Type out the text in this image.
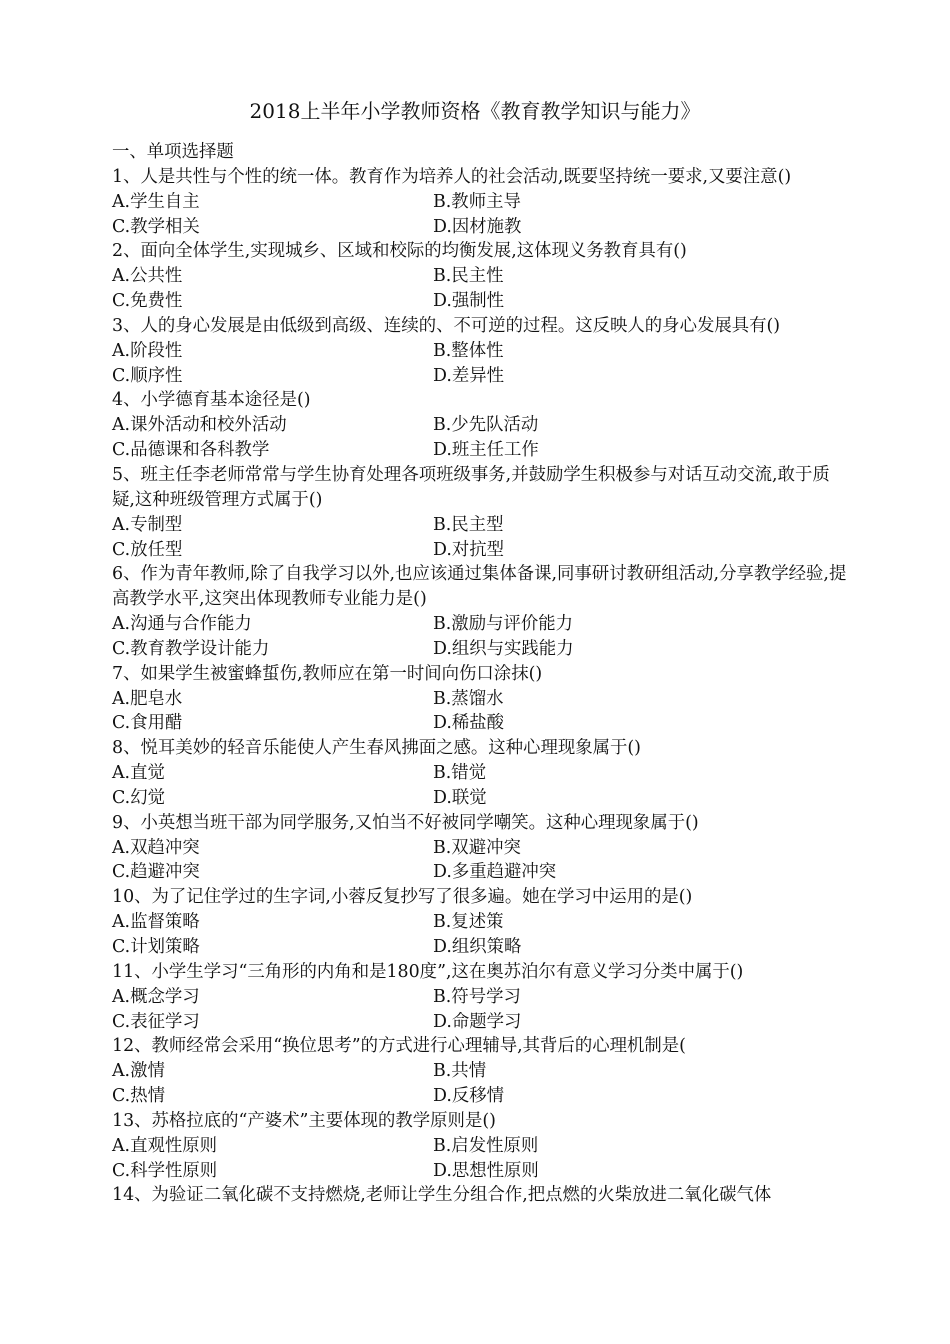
2018上半年小学教师资格《教育教学知识与能力》
一、单项选择题
1、人是共性与个性的统一体。教育作为培养人的社会活动,既要坚持统一要求,又要注意()
A.学生自主	B.教师主导
C.教学相关	D.因材施教
2、面向全体学生,实现城乡、区域和校际的均衡发展,这体现义务教育具有()
A.公共性	B.民主性
C.免费性	D.强制性
3、人的身心发展是由低级到高级、连续的、不可逆的过程。这反映人的身心发展具有()
A.阶段性	B.整体性
C.顺序性	D.差异性
4、小学德育基本途径是()
A.课外活动和校外活动	B.少先队活动
C.品德课和各科教学	D.班主任工作
5、班主任李老师常常与学生协育处理各项班级事务,并鼓励学生积极参与对话互动交流,敢于质疑,这种班级管理方式属于()
A.专制型	B.民主型
C.放任型	D.对抗型
6、作为青年教师,除了自我学习以外,也应该通过集体备课,同事研讨教研组活动,分享教学经验,提高教学水平,这突出体现教师专业能力是()
A.沟通与合作能力	B.激励与评价能力
C.教育教学设计能力	D.组织与实践能力
7、如果学生被蜜蜂蜇伤,教师应在第一时间向伤口涂抹()
A.肥皂水	B.蒸馏水
C.食用醋	D.稀盐酸
8、悦耳美妙的轻音乐能使人产生春风拂面之感。这种心理现象属于()
A.直觉	B.错觉
C.幻觉	D.联觉
9、小英想当班干部为同学服务,又怕当不好被同学嘲笑。这种心理现象属于()
A.双趋冲突	B.双避冲突
C.趋避冲突	D.多重趋避冲突
10、为了记住学过的生字词,小蓉反复抄写了很多遍。她在学习中运用的是()
A.监督策略	B.复述策
C.计划策略	D.组织策略
11、小学生学习“三角形的内角和是180度”,这在奥苏泊尔有意义学习分类中属于()
A.概念学习	B.符号学习
C.表征学习	D.命题学习
12、教师经常会采用“换位思考”的方式进行心理辅导,其背后的心理机制是(
A.激情	B.共情
C.热情	D.反移情
13、苏格拉底的“产婆术”主要体现的教学原则是()
A.直观性原则	B.启发性原则
C.科学性原则	D.思想性原则
14、为验证二氧化碳不支持燃烧,老师让学生分组合作,把点燃的火柴放进二氧化碳气体
